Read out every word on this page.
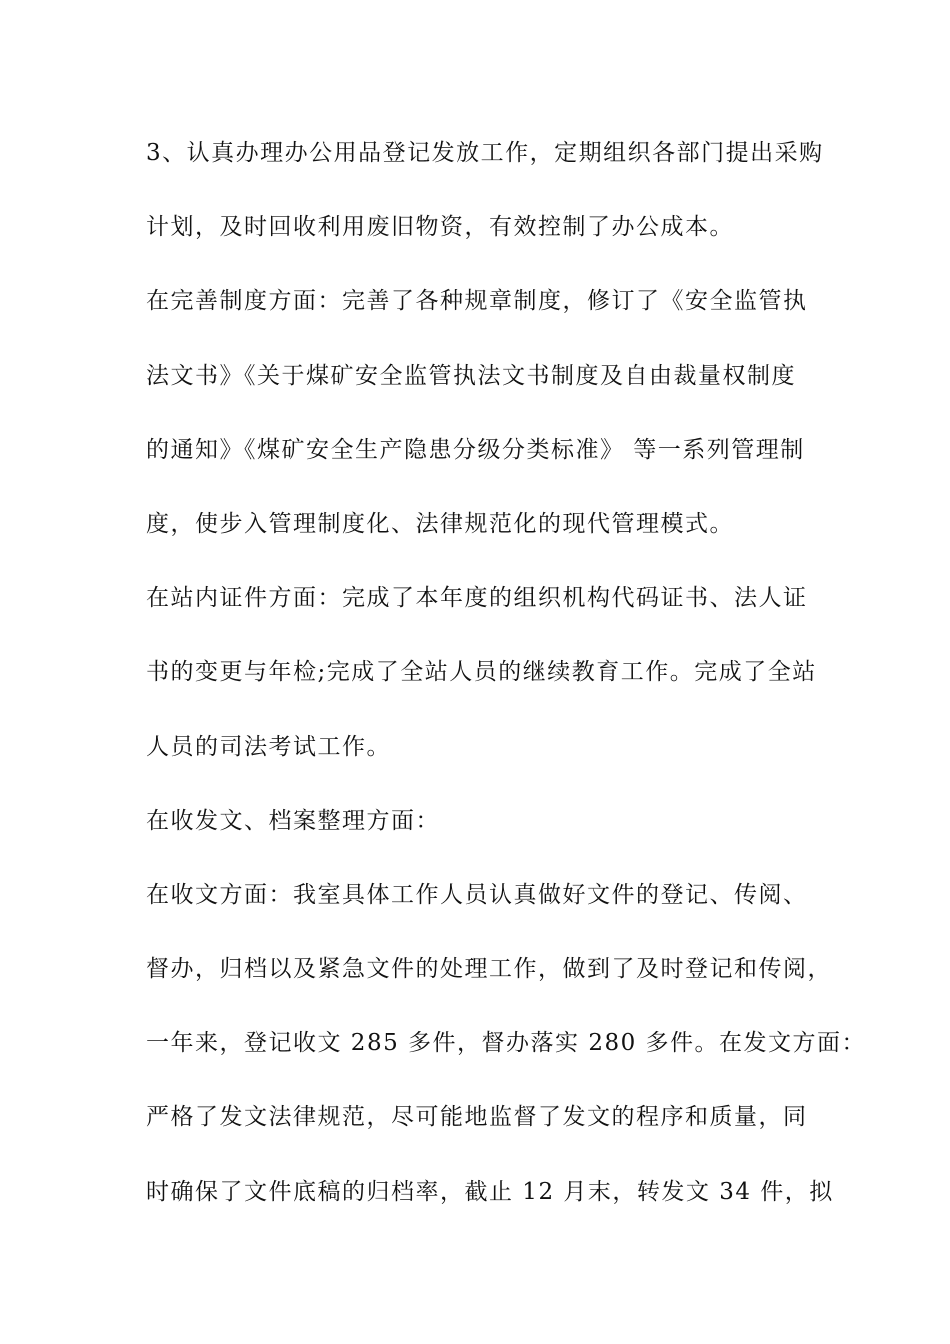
3、认真办理办公用品登记发放工作，定期组织各部门提出采购
计划，及时回收利用废旧物资，有效控制了办公成本。
在完善制度方面：完善了各种规章制度，修订了《安全监管执
法文书》《关于煤矿安全监管执法文书制度及自由裁量权制度
的通知》《煤矿安全生产隐患分级分类标准》 等一系列管理制
度，使步入管理制度化、法律规范化的现代管理模式。
在站内证件方面：完成了本年度的组织机构代码证书、法人证
书的变更与年检;完成了全站人员的继续教育工作。完成了全站
人员的司法考试工作。
在收发文、档案整理方面：
在收文方面：我室具体工作人员认真做好文件的登记、传阅、
督办，归档以及紧急文件的处理工作，做到了及时登记和传阅，
一年来，登记收文 285 多件，督办落实 280 多件。在发文方面：
严格了发文法律规范，尽可能地监督了发文的程序和质量，同
时确保了文件底稿的归档率，截止 12 月末，转发文 34 件，拟
